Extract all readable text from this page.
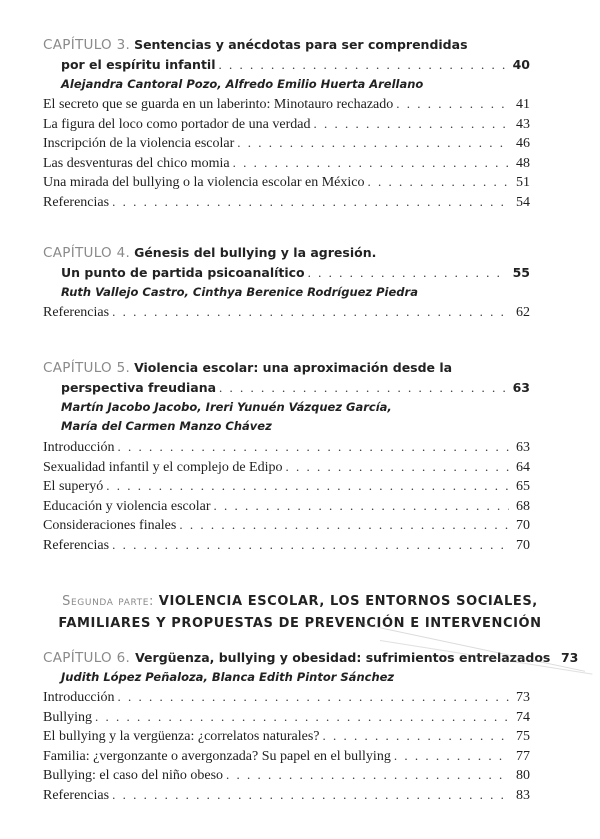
CAPÍTULO 3. Sentencias y anécdotas para ser comprendidas
por el espíritu infantil . . .	40
Alejandra Cantoral Pozo, Alfredo Emilio Huerta Arellano
El secreto que se guarda en un laberinto: Minotauro rechazado . . .	41
La figura del loco como portador de una verdad . . .	43
Inscripción de la violencia escolar . . .	46
Las desventuras del chico momia . . .	48
Una mirada del bullying o la violencia escolar en México . . .	51
Referencias . . .	54
CAPÍTULO 4. Génesis del bullying y la agresión.
Un punto de partida psicoanalítico . . .	55
Ruth Vallejo Castro, Cinthya Berenice Rodríguez Piedra
Referencias . . .	62
CAPÍTULO 5. Violencia escolar: una aproximación desde la
perspectiva freudiana . . .	63
Martín Jacobo Jacobo, Ireri Yunuén Vázquez García,
María del Carmen Manzo Chávez
Introducción . . .	63
Sexualidad infantil y el complejo de Edipo . . .	64
El superyó . . .	65
Educación y violencia escolar . . .	68
Consideraciones finales . . .	70
Referencias . . .	70
Segunda parte: VIOLENCIA ESCOLAR, LOS ENTORNOS SOCIALES,
FAMILIARES Y PROPUESTAS DE PREVENCIÓN E INTERVENCIÓN
CAPÍTULO 6. Vergüenza, bullying y obesidad: sufrimientos entrelazados 73
Judith López Peñaloza, Blanca Edith Pintor Sánchez
Introducción . . .	73
Bullying . . .	74
El bullying y la vergüenza: ¿correlatos naturales? . . .	75
Familia: ¿vergonzante o avergonzada? Su papel en el bullying . . .	77
Bullying: el caso del niño obeso . . .	80
Referencias . . .	83
